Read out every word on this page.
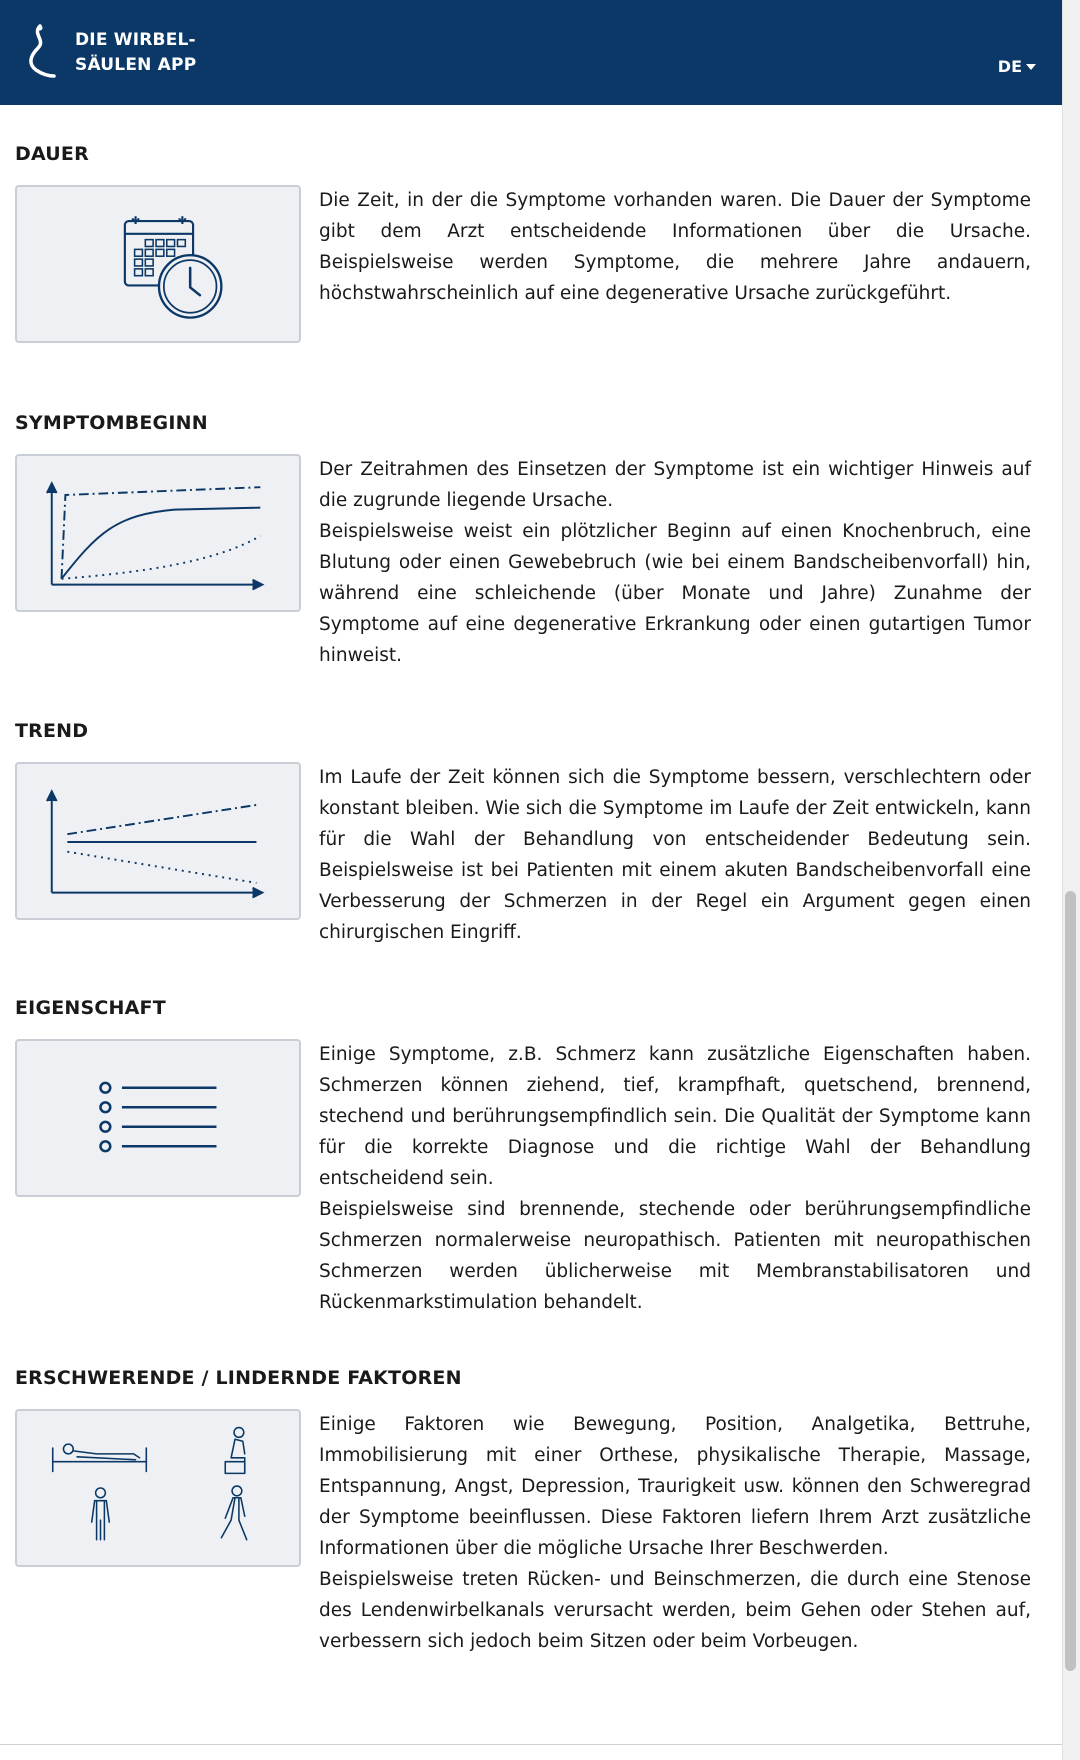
DIE WIRBEL-
SÄULEN APP	DE
DAUER

Die Zeit, in der die Symptome vorhanden waren. Die Dauer der Symptome gibt dem Arzt entscheidende Informationen über die Ursache. Beispielsweise werden Symptome, die mehrere Jahre andauern, höchstwahrscheinlich auf eine degenerative Ursache zurückgeführt.

SYMPTOMBEGINN

Der Zeitrahmen des Einsetzen der Symptome ist ein wichtiger Hinweis auf die zugrunde liegende Ursache.

Beispielsweise weist ein plötzlicher Beginn auf einen Knochenbruch, eine Blutung oder einen Gewebebruch (wie bei einem Bandscheibenvorfall) hin, während eine schleichende (über Monate und Jahre) Zunahme der Symptome auf eine degenerative Erkrankung oder einen gutartigen Tumor hinweist.

TREND

Im Laufe der Zeit können sich die Symptome bessern, verschlechtern oder konstant bleiben. Wie sich die Symptome im Laufe der Zeit entwickeln, kann für die Wahl der Behandlung von entscheidender Bedeutung sein. Beispielsweise ist bei Patienten mit einem akuten Bandscheibenvorfall eine Verbesserung der Schmerzen in der Regel ein Argument gegen einen chirurgischen Eingriff.

EIGENSCHAFT

Einige Symptome, z.B. Schmerz kann zusätzliche Eigenschaften haben. Schmerzen können ziehend, tief, krampfhaft, quetschend, brennend, stechend und berührungsempfindlich sein. Die Qualität der Symptome kann für die korrekte Diagnose und die richtige Wahl der Behandlung entscheidend sein.

Beispielsweise sind brennende, stechende oder berührungsempfindliche Schmerzen normalerweise neuropathisch. Patienten mit neuropathischen Schmerzen werden üblicherweise mit Membranstabilisatoren und Rückenmarkstimulation behandelt.

ERSCHWERENDE / LINDERNDE FAKTOREN

Einige Faktoren wie Bewegung, Position, Analgetika, Bettruhe, Immobilisierung mit einer Orthese, physikalische Therapie, Massage, Entspannung, Angst, Depression, Traurigkeit usw. können den Schweregrad der Symptome beeinflussen. Diese Faktoren liefern Ihrem Arzt zusätzliche Informationen über die mögliche Ursache Ihrer Beschwerden.

Beispielsweise treten Rücken- und Beinschmerzen, die durch eine Stenose des Lendenwirbelkanals verursacht werden, beim Gehen oder Stehen auf, verbessern sich jedoch beim Sitzen oder beim Vorbeugen.
